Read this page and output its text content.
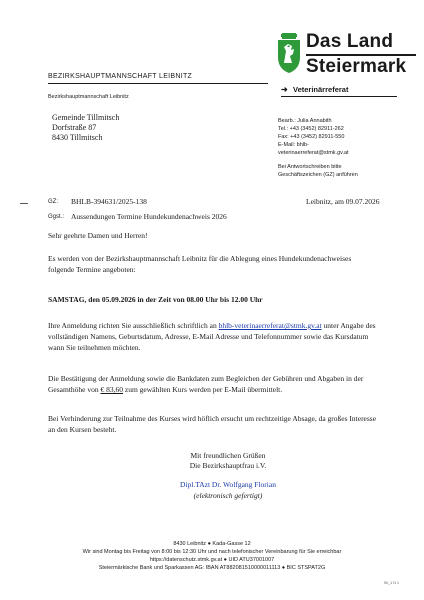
Das Land
Steiermark
BEZIRKSHAUPTMANNSCHAFT LEIBNITZ
➜ Veterinärreferat
Bezirkshauptmannschaft Leibnitz
Gemeinde Tillmitsch
Dorfstraße 87
8430 Tillmitsch
Bearb.: Julia Annabith
Tel.: +43 (3452) 82911-262
Fax: +43 (3452) 82911-550
E-Mail: bhlb-
veterinaerreferat@stmk.gv.at
Bei Antwortschreiben bitte
Geschäftszeichen (GZ) anführen
GZ: BHLB-394631/2025-138	Leibnitz, am 09.07.2026
Ggst.: Aussendungen Termine Hundekundenachweis 2026
Sehr geehrte Damen und Herren!
Es werden von der Bezirkshauptmannschaft Leibnitz für die Ablegung eines Hundekundenachweises folgende Termine angeboten:
SAMSTAG, den 05.09.2026 in der Zeit von 08.00 Uhr bis 12.00 Uhr
Ihre Anmeldung richten Sie ausschließlich schriftlich an bhlb-veterinaerreferat@stmk.gv.at unter Angabe des vollständigen Namens, Geburtsdatum, Adresse, E-Mail Adresse und Telefonnummer sowie das Kursdatum wann Sie teilnehmen möchten.
Die Bestätigung der Anmeldung sowie die Bankdaten zum Begleichen der Gebühren und Abgaben in der Gesamthöhe von € 83,60 zum gewählten Kurs werden per E-Mail übermittelt.
Bei Verhinderung zur Teilnahme des Kurses wird höflich ersucht um rechtzeitige Absage, da großes Interesse an den Kursen besteht.
Mit freundlichen Grüßen
Die Bezirkshauptfrau i.V.
Dipl.TAzt Dr. Wolfgang Florian
(elektronisch gefertigt)
8430 Leibnitz ● Kada-Gasse 12
Wir sind Montag bis Freitag von 8:00 bis 12:30 Uhr und nach telefonischer Vereinbarung für Sie erreichbar
https://datenschutz.stmk.gv.at ● UID ATU37001007
Steiermärkische Bank und Sparkassen AG: IBAN AT882081510000011113 ● BIC STSPAT2G
Sh_1 f1 1
